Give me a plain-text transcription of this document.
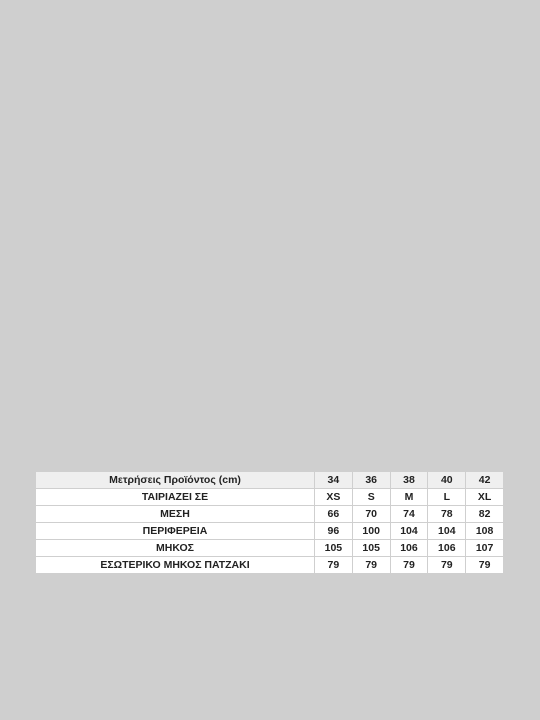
Μετρήσεις Προϊόντος (cm)	34	36	38	40	42
ΤΑΙΡΙΑΖΕΙ ΣΕ	XS	S	M	L	XL
ΜΕΣΗ	66	70	74	78	82
ΠΕΡΙΦΕΡΕΙΑ	96	100	104	104	108
ΜΗΚΟΣ	105	105	106	106	107
ΕΣΩΤΕΡΙΚΟ ΜΗΚΟΣ ΠΑΤΖΑΚΙ	79	79	79	79	79
